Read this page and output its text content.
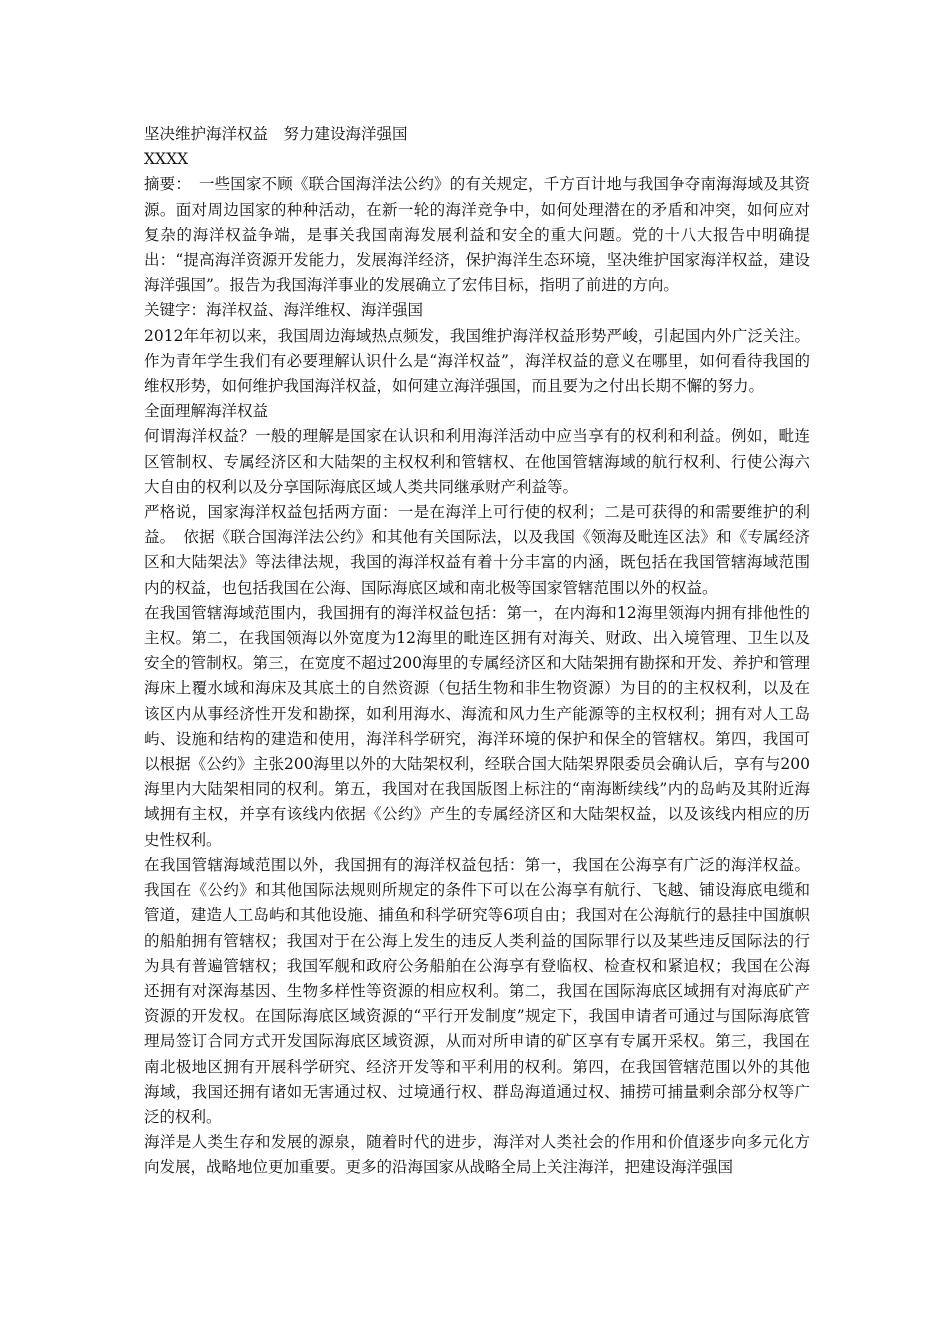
坚决维护海洋权益　努力建设海洋强国

XXXX

摘要：　一些国家不顾《联合国海洋法公约》的有关规定，千方百计地与我国争夺南海海域及其资源。面对周边国家的种种活动，在新一轮的海洋竞争中，如何处理潜在的矛盾和冲突，如何应对复杂的海洋权益争端，是事关我国南海发展利益和安全的重大问题。党的十八大报告中明确提出：“提高海洋资源开发能力，发展海洋经济，保护海洋生态环境，坚决维护国家海洋权益，建设海洋强国”。报告为我国海洋事业的发展确立了宏伟目标，指明了前进的方向。

关键字：海洋权益、海洋维权、海洋强国

2012年年初以来，我国周边海域热点频发，我国维护海洋权益形势严峻，引起国内外广泛关注。作为青年学生我们有必要理解认识什么是“海洋权益”，海洋权益的意义在哪里，如何看待我国的维权形势，如何维护我国海洋权益，如何建立海洋强国，而且要为之付出长期不懈的努力。

全面理解海洋权益

何谓海洋权益？一般的理解是国家在认识和利用海洋活动中应当享有的权利和利益。例如，毗连区管制权、专属经济区和大陆架的主权权利和管辖权、在他国管辖海域的航行权利、行使公海六大自由的权利以及分享国际海底区域人类共同继承财产利益等。

严格说，国家海洋权益包括两方面：一是在海洋上可行使的权利；二是可获得的和需要维护的利益。　依据《联合国海洋法公约》和其他有关国际法，以及我国《领海及毗连区法》和《专属经济区和大陆架法》等法律法规，我国的海洋权益有着十分丰富的内涵，既包括在我国管辖海域范围内的权益，也包括我国在公海、国际海底区域和南北极等国家管辖范围以外的权益。

在我国管辖海域范围内，我国拥有的海洋权益包括：第一，在内海和12海里领海内拥有排他性的主权。第二，在我国领海以外宽度为12海里的毗连区拥有对海关、财政、出入境管理、卫生以及安全的管制权。第三，在宽度不超过200海里的专属经济区和大陆架拥有勘探和开发、养护和管理海床上覆水域和海床及其底土的自然资源（包括生物和非生物资源）为目的的主权权利，以及在该区内从事经济性开发和勘探，如利用海水、海流和风力生产能源等的主权权利；拥有对人工岛屿、设施和结构的建造和使用，海洋科学研究，海洋环境的保护和保全的管辖权。第四，我国可以根据《公约》主张200海里以外的大陆架权利，经联合国大陆架界限委员会确认后，享有与200海里内大陆架相同的权利。第五，我国对在我国版图上标注的“南海断续线”内的岛屿及其附近海域拥有主权，并享有该线内依据《公约》产生的专属经济区和大陆架权益，以及该线内相应的历史性权利。

在我国管辖海域范围以外，我国拥有的海洋权益包括：第一，我国在公海享有广泛的海洋权益。我国在《公约》和其他国际法规则所规定的条件下可以在公海享有航行、飞越、铺设海底电缆和管道，建造人工岛屿和其他设施、捕鱼和科学研究等6项自由；我国对在公海航行的悬挂中国旗帜的船舶拥有管辖权；我国对于在公海上发生的违反人类利益的国际罪行以及某些违反国际法的行为具有普遍管辖权；我国军舰和政府公务船舶在公海享有登临权、检查权和紧追权；我国在公海还拥有对深海基因、生物多样性等资源的相应权利。第二，我国在国际海底区域拥有对海底矿产资源的开发权。在国际海底区域资源的“平行开发制度”规定下，我国申请者可通过与国际海底管理局签订合同方式开发国际海底区域资源，从而对所申请的矿区享有专属开采权。第三，我国在南北极地区拥有开展科学研究、经济开发等和平利用的权利。第四，在我国管辖范围以外的其他海域，我国还拥有诸如无害通过权、过境通行权、群岛海道通过权、捕捞可捕量剩余部分权等广泛的权利。

海洋是人类生存和发展的源泉，随着时代的进步，海洋对人类社会的作用和价值逐步向多元化方向发展，战略地位更加重要。更多的沿海国家从战略全局上关注海洋，把建设海洋强国
